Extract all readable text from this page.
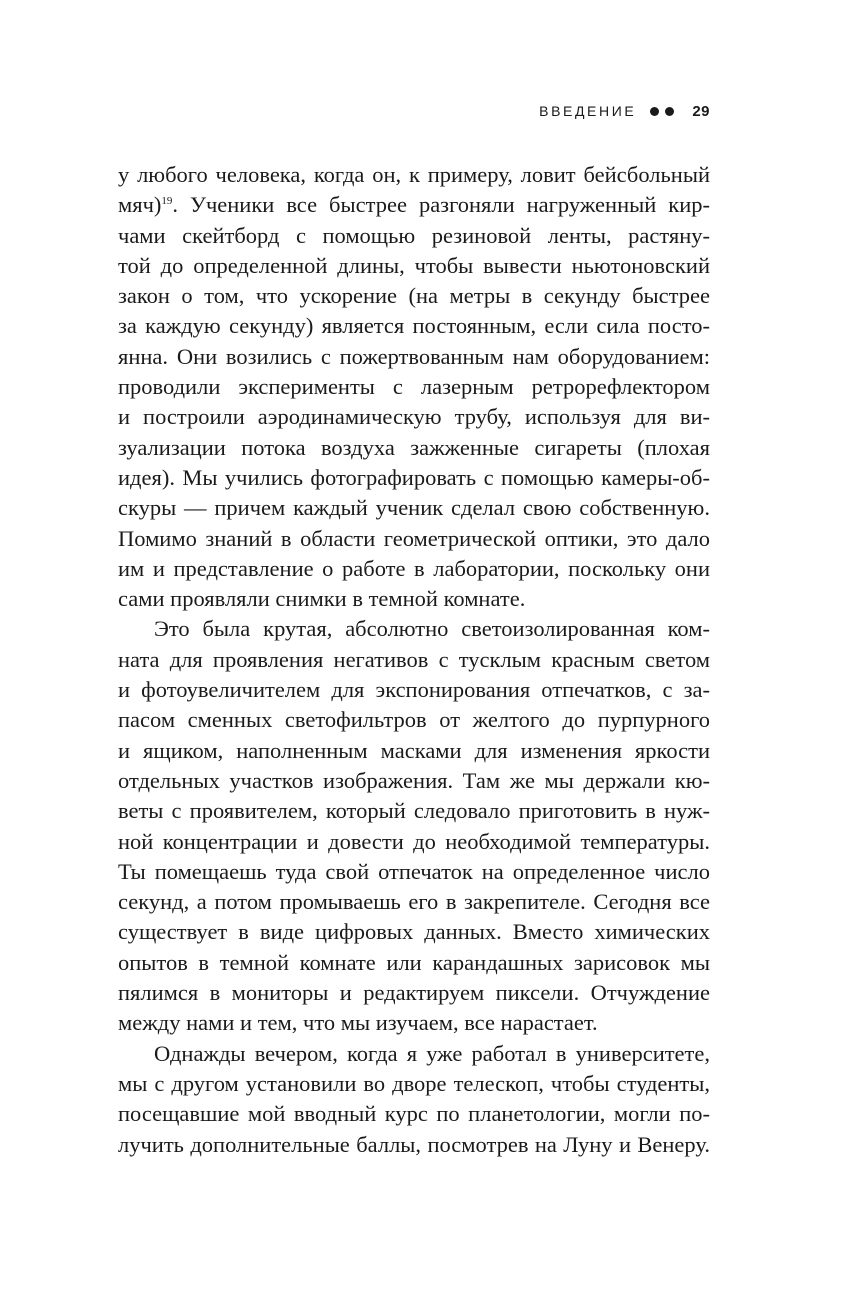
ВВЕДЕНИЕ	29
у любого человека, когда он, к примеру, ловит бейсбольный
мяч)$^{19}$. Ученики все быстрее разгоняли нагруженный кир-
чами скейтборд с помощью резиновой ленты, растяну-
той до определенной длины, чтобы вывести ньютоновский
закон о том, что ускорение (на метры в секунду быстрее
за каждую секунду) является постоянным, если сила посто-
янна. Они возились с пожертвованным нам оборудованием:
проводили эксперименты с лазерным ретрорефлектором
и построили аэродинамическую трубу, используя для ви-
зуализации потока воздуха зажженные сигареты (плохая
идея). Мы учились фотографировать с помощью камеры-об-
скуры — причем каждый ученик сделал свою собственную.
Помимо знаний в области геометрической оптики, это дало
им и представление о работе в лаборатории, поскольку они
сами проявляли снимки в темной комнате.
Это была крутая, абсолютно светоизолированная ком-
ната для проявления негативов с тусклым красным светом
и фотоувеличителем для экспонирования отпечатков, с за-
пасом сменных светофильтров от желтого до пурпурного
и ящиком, наполненным масками для изменения яркости
отдельных участков изображения. Там же мы держали кю-
веты с проявителем, который следовало приготовить в нуж-
ной концентрации и довести до необходимой температуры.
Ты помещаешь туда свой отпечаток на определенное число
секунд, а потом промываешь его в закрепителе. Сегодня все
существует в виде цифровых данных. Вместо химических
опытов в темной комнате или карандашных зарисовок мы
пялимся в мониторы и редактируем пиксели. Отчуждение
между нами и тем, что мы изучаем, все нарастает.
Однажды вечером, когда я уже работал в университете,
мы с другом установили во дворе телескоп, чтобы студенты,
посещавшие мой вводный курс по планетологии, могли по-
лучить дополнительные баллы, посмотрев на Луну и Венеру.
